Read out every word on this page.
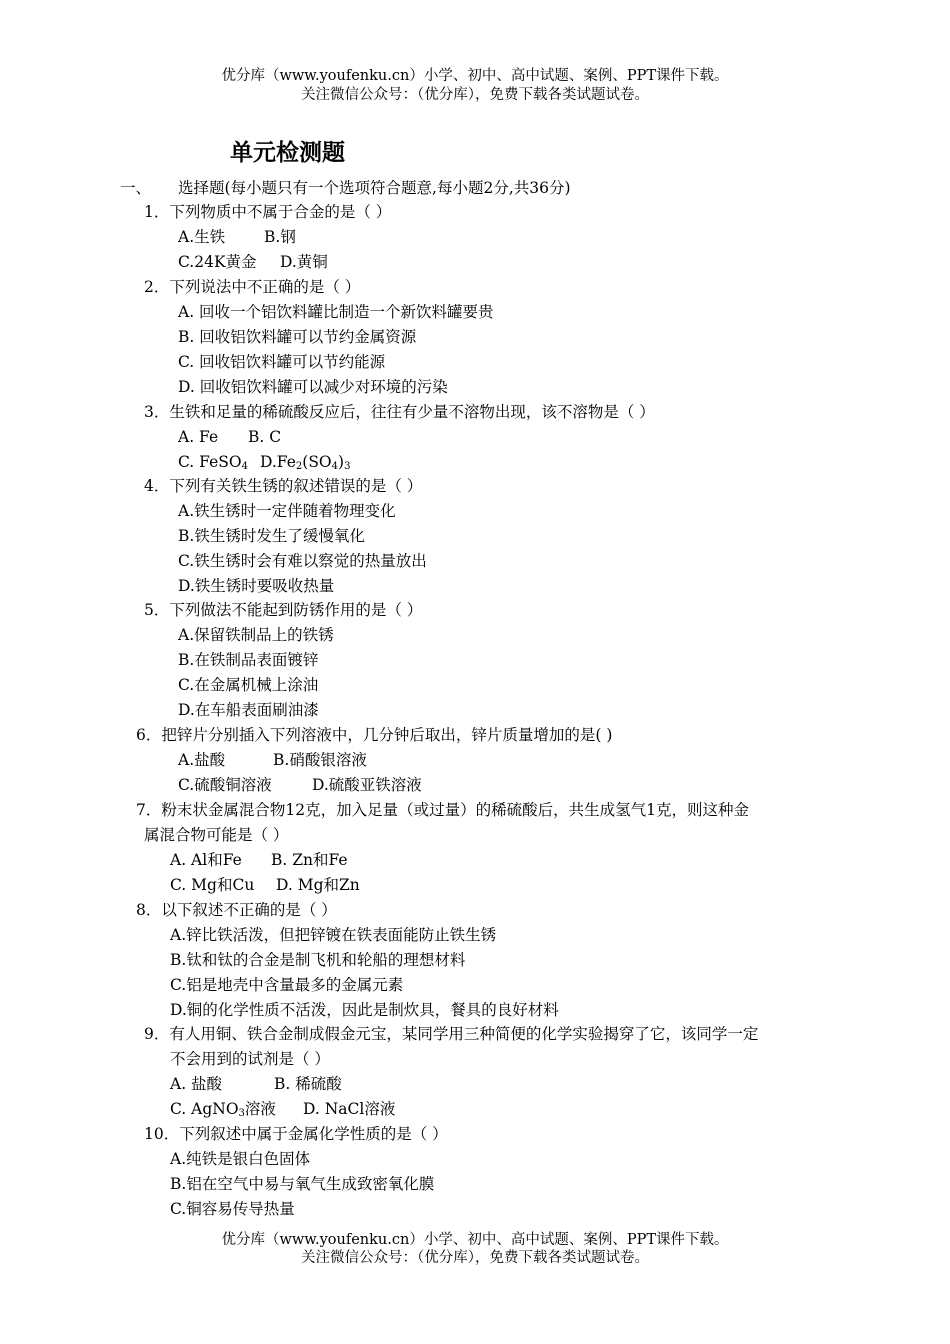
优分库（www.youfenku.cn）小学、初中、高中试题、案例、PPT课件下载。
关注微信公众号：（优分库），免费下载各类试题试卷。
单元检测题
一、 选择题(每小题只有一个选项符合题意,每小题2分,共36分)
1．下列物质中不属于合金的是（ ）
A.生铁	B.钢
C.24K黄金 D.黄铜
2．下列说法中不正确的是（ ）
A. 回收一个铝饮料罐比制造一个新饮料罐要贵
B. 回收铝饮料罐可以节约金属资源
C. 回收铝饮料罐可以节约能源
D. 回收铝饮料罐可以减少对环境的污染
3．生铁和足量的稀硫酸反应后，往往有少量不溶物出现，该不溶物是（ ）
A. Fe B. C
C. FeSO$_4$ $D.Fe_2(SO_4)_3$
4．下列有关铁生锈的叙述错误的是（ ）
A.铁生锈时一定伴随着物理变化
B.铁生锈时发生了缓慢氧化
C.铁生锈时会有难以察觉的热量放出
D.铁生锈时要吸收热量
5．下列做法不能起到防锈作用的是（ ）
A.保留铁制品上的铁锈
B.在铁制品表面镀锌
C.在金属机械上涂油
D.在车船表面刷油漆
6．把锌片分别插入下列溶液中，几分钟后取出，锌片质量增加的是( )
A.盐酸	B.硝酸银溶液
C.硫酸铜溶液	D.硫酸亚铁溶液
7．粉末状金属混合物12克，加入足量（或过量）的稀硫酸后，共生成氢气1克，则这种金
属混合物可能是（ ）
A. Al和Fe B. Zn和Fe
C. Mg和Cu D. Mg和Zn
8．以下叙述不正确的是（ ）
A.锌比铁活泼，但把锌镀在铁表面能防止铁生锈
B.钛和钛的合金是制飞机和轮船的理想材料
C.铝是地壳中含量最多的金属元素
D.铜的化学性质不活泼，因此是制炊具，餐具的良好材料
9．有人用铜、铁合金制成假金元宝，某同学用三种简便的化学实验揭穿了它，该同学一定
不会用到的试剂是（ ）
A. 盐酸	B. 稀硫酸
C. AgNO$_3$溶液 D. NaCl溶液
10．下列叙述中属于金属化学性质的是（ ）
A.纯铁是银白色固体
B.铝在空气中易与氧气生成致密氧化膜
C.铜容易传导热量
优分库（www.youfenku.cn）小学、初中、高中试题、案例、PPT课件下载。
关注微信公众号：（优分库），免费下载各类试题试卷。
